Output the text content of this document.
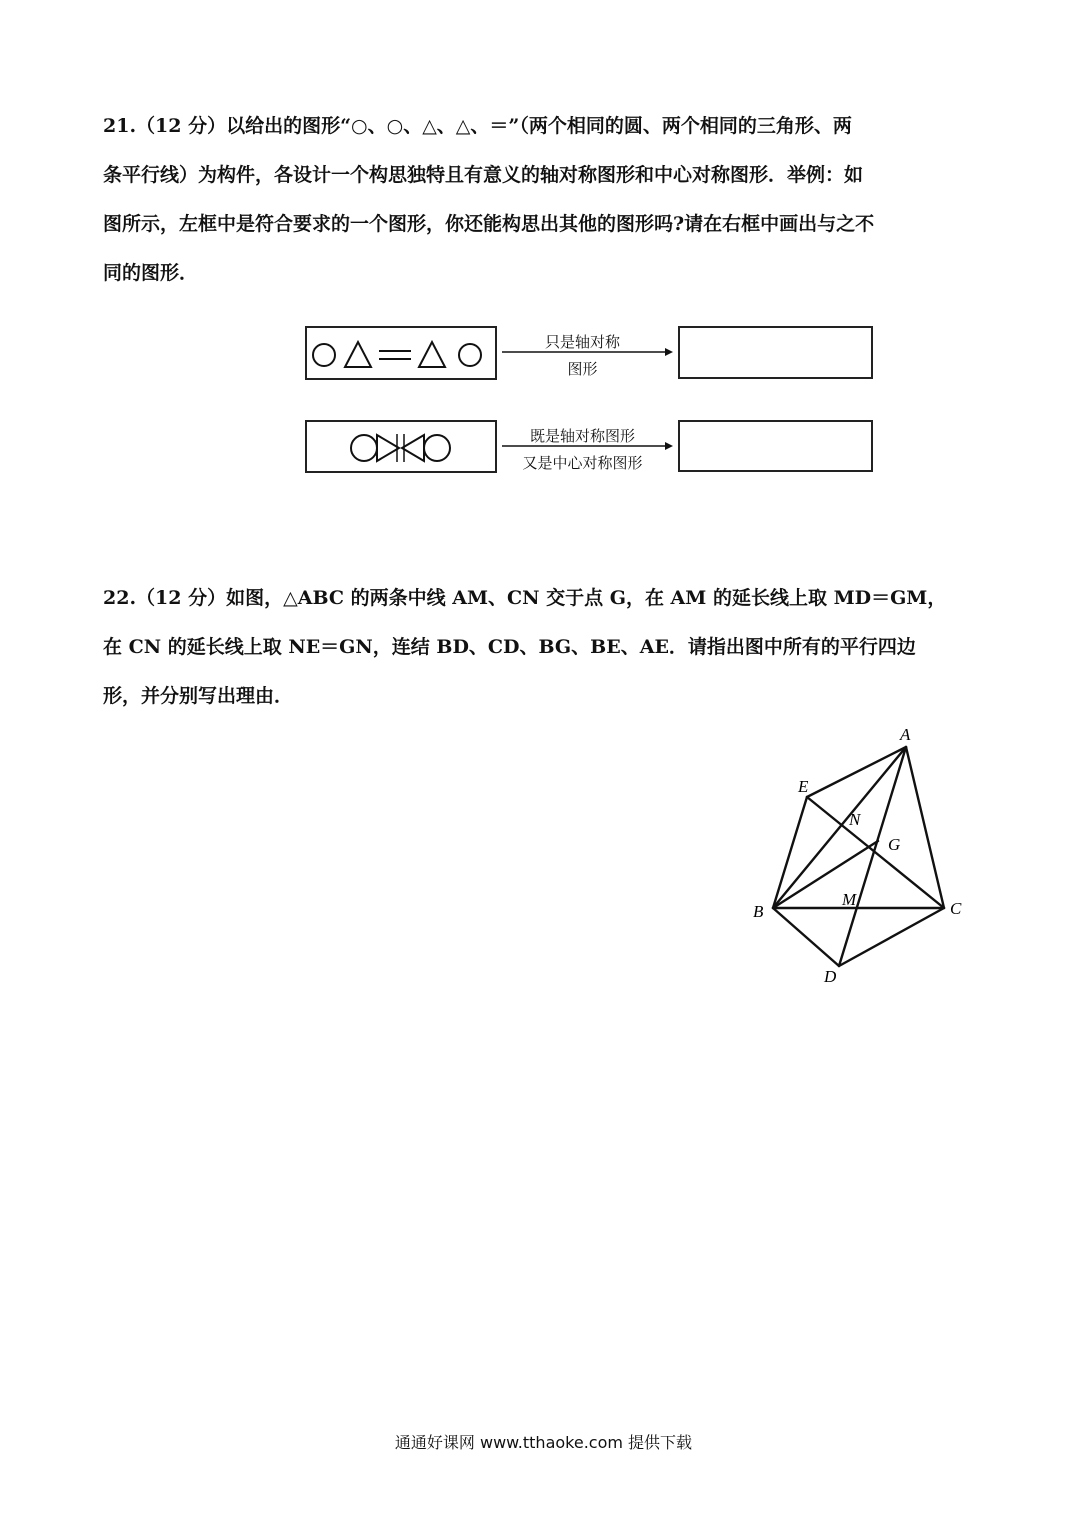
21.（12 分）以给出的图形“○、○、△、△、＝”（两个相同的圆、两个相同的三角形、两

条平行线）为构件，各设计一个构思独特且有意义的轴对称图形和中心对称图形．举例：如

图所示，左框中是符合要求的一个图形，你还能构思出其他的图形吗?请在右框中画出与之不

同的图形．

只是轴对称
图形
既是轴对称图形
又是中心对称图形

22.（12 分）如图，△ABC 的两条中线 AM、CN 交于点 G，在 AM 的延长线上取 MD＝GM，

在 CN 的延长线上取 NE＝GN，连结 BD、CD、BG、BE、AE．请指出图中所有的平行四边

形，并分别写出理由．

A
E
N
G
M
B	C
D
通通好课网 www.tthaoke.com 提供下载
